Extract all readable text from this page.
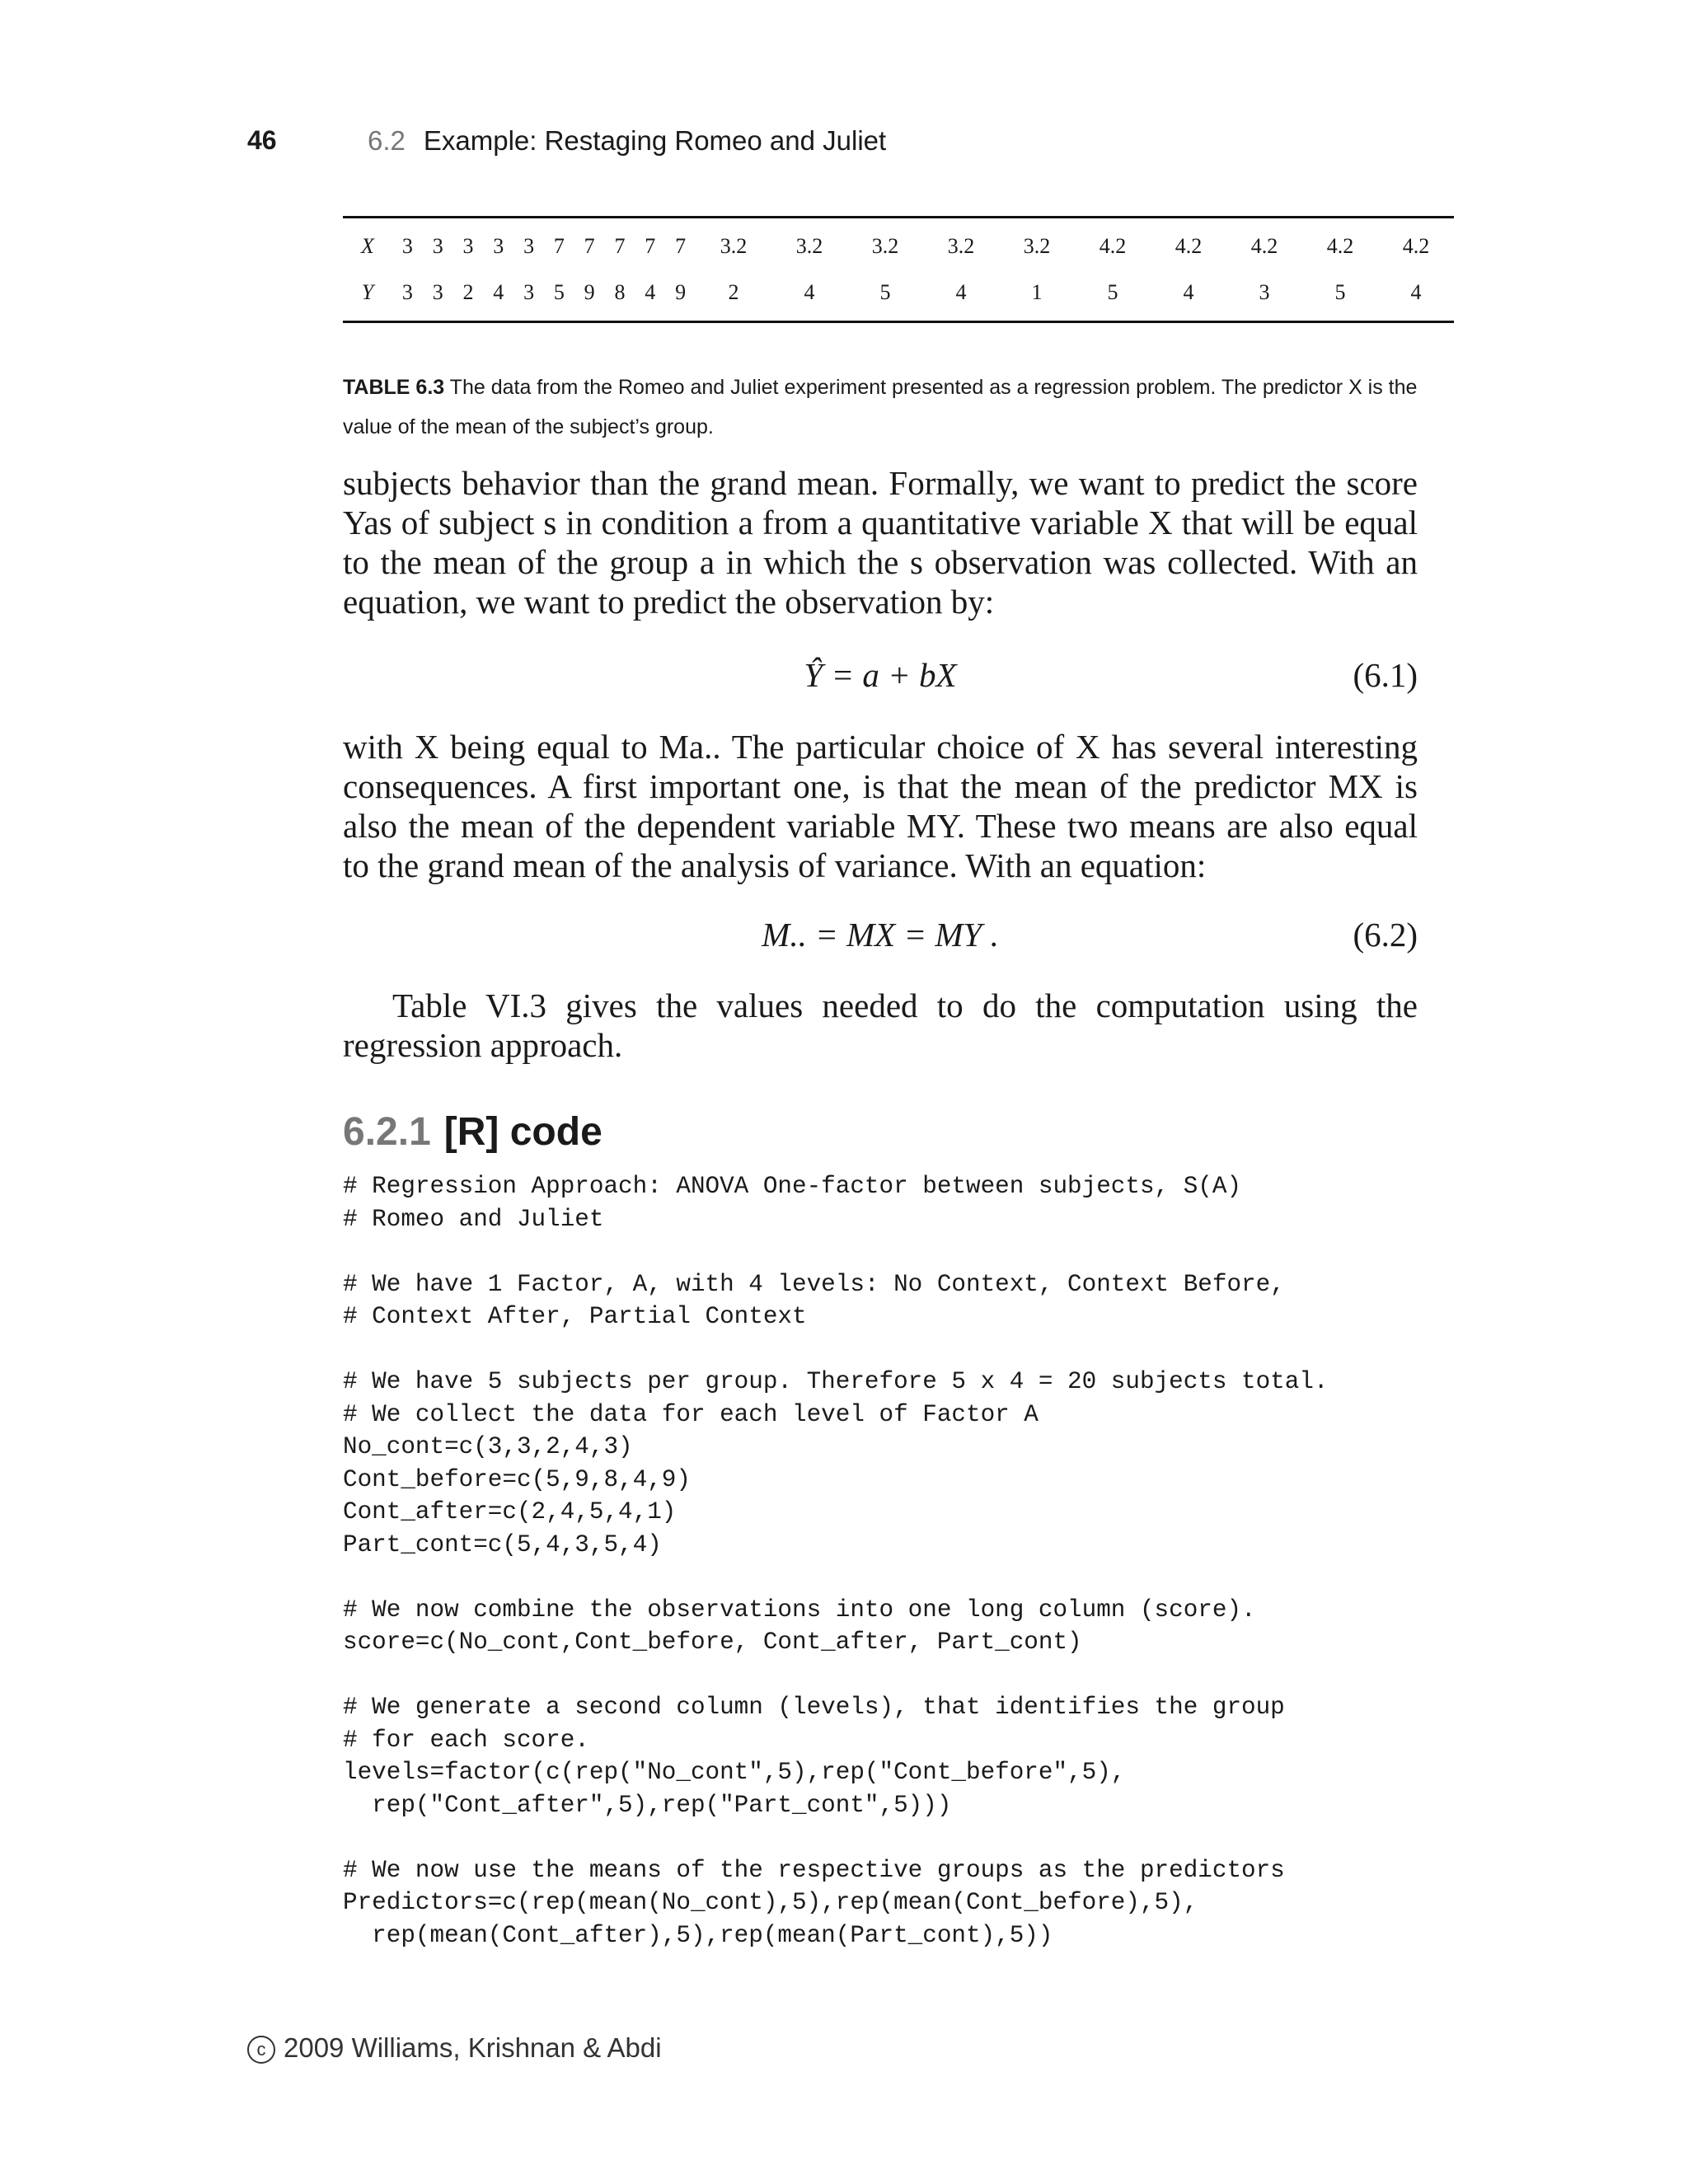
46	6.2 Example: Restaging Romeo and Juliet
X	3	3	3	3	3	7	7	7	7	7	3.2	3.2	3.2	3.2	3.2	4.2	4.2	4.2	4.2	4.2
Y	3	3	2	4	3	5	9	8	4	9	2	4	5	4	1	5	4	3	5	4
TABLE 6.3 The data from the Romeo and Juliet experiment presented as a regression problem. The predictor X is the value of the mean of the subject’s group.

subjects behavior than the grand mean. Formally, we want to predict the score Yas of subject s in condition a from a quantitative variable X that will be equal to the mean of the group a in which the s observation was collected. With an equation, we want to predict the observation by:

Ŷ = a + bX	(6.1)

with X being equal to Ma.. The particular choice of X has several interesting consequences. A first important one, is that the mean of the predictor MX is also the mean of the dependent variable MY. These two means are also equal to the grand mean of the analysis of variance. With an equation:

M.. = MX = MY .	(6.2)

Table VI.3 gives the values needed to do the computation using the regression approach.

6.2.1 [R] code
# Regression Approach: ANOVA One-factor between subjects, S(A)
# Romeo and Juliet

# We have 1 Factor, A, with 4 levels: No Context, Context Before,
# Context After, Partial Context

# We have 5 subjects per group. Therefore 5 x 4 = 20 subjects total.
# We collect the data for each level of Factor A
No_cont=c(3,3,2,4,3)
Cont_before=c(5,9,8,4,9)
Cont_after=c(2,4,5,4,1)
Part_cont=c(5,4,3,5,4)

# We now combine the observations into one long column (score).
score=c(No_cont,Cont_before, Cont_after, Part_cont)

# We generate a second column (levels), that identifies the group
# for each score.
levels=factor(c(rep("No_cont",5),rep("Cont_before",5),
rep("Cont_after",5),rep("Part_cont",5)))

# We now use the means of the respective groups as the predictors
Predictors=c(rep(mean(No_cont),5),rep(mean(Cont_before),5),
rep(mean(Cont_after),5),rep(mean(Part_cont),5))
c 2009 Williams, Krishnan & Abdi
